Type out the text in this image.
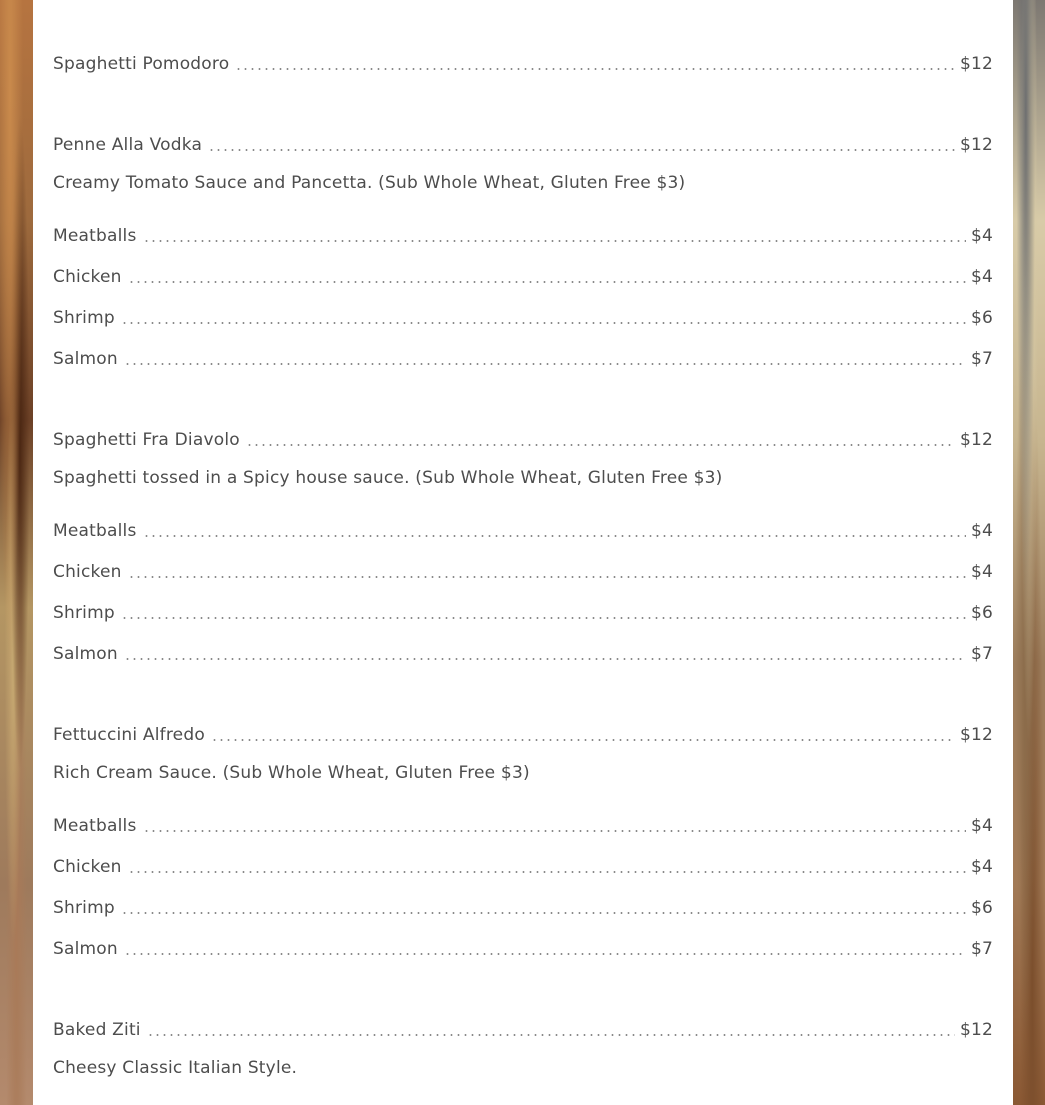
Spaghetti Pomodoro	$12
Penne Alla Vodka	$12
Creamy Tomato Sauce and Pancetta. (Sub Whole Wheat, Gluten Free $3)
Meatballs	$4
Chicken	$4
Shrimp	$6
Salmon	$7
Spaghetti Fra Diavolo	$12
Spaghetti tossed in a Spicy house sauce. (Sub Whole Wheat, Gluten Free $3)
Meatballs	$4
Chicken	$4
Shrimp	$6
Salmon	$7
Fettuccini Alfredo	$12
Rich Cream Sauce. (Sub Whole Wheat, Gluten Free $3)
Meatballs	$4
Chicken	$4
Shrimp	$6
Salmon	$7
Baked Ziti	$12
Cheesy Classic Italian Style.
